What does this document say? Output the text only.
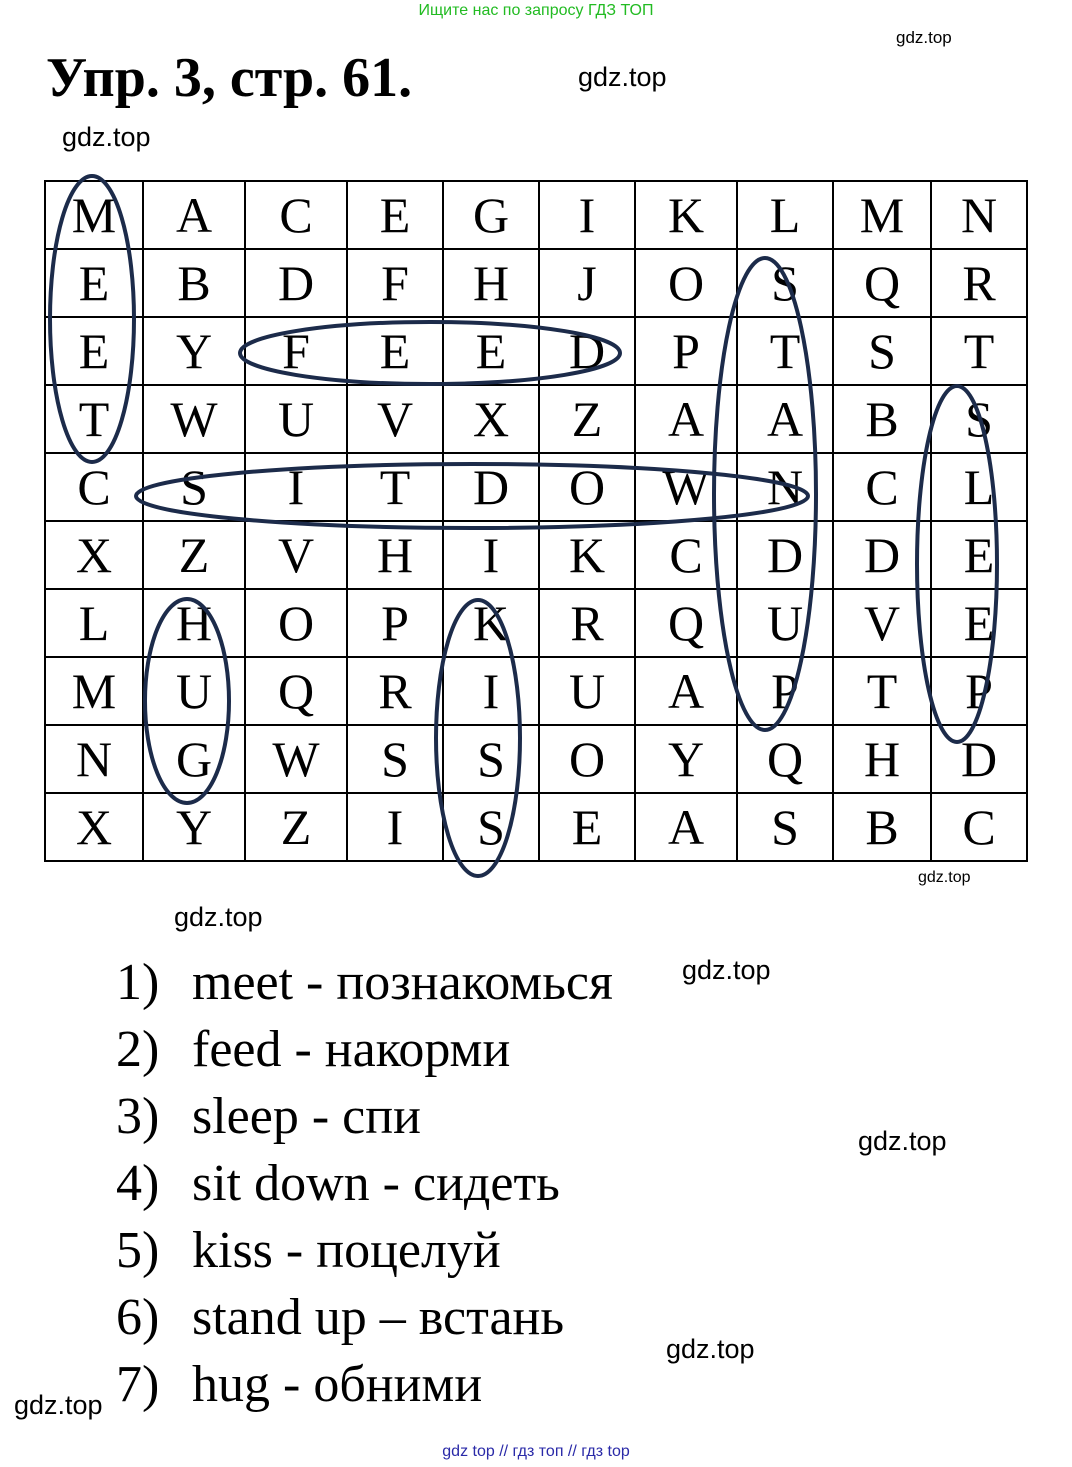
Ищите нас по запросу ГДЗ ТОП
Упр. 3, стр. 61.
gdz.top
gdz.top
gdz.top
M	A	C	E	G	I	K	L	M	N
E	B	D	F	H	J	O	S	Q	R
E	Y	F	E	E	D	P	T	S	T
T	W	U	V	X	Z	A	A	B	S
C	S	I	T	D	O	W	N	C	L
X	Z	V	H	I	K	C	D	D	E
L	H	O	P	K	R	Q	U	V	E
M	U	Q	R	I	U	A	P	T	P
N	G	W	S	S	O	Y	Q	H	D
X	Y	Z	I	S	E	A	S	B	C
gdz.top
gdz.top
gdz.top
gdz.top
gdz.top
gdz.top
1) meet - познакомься
2) feed - накорми
3) sleep - спи
4) sit down - сидеть
5) kiss - поцелуй
6) stand up – встань
7) hug - обними
gdz top // гдз топ // гдз top
